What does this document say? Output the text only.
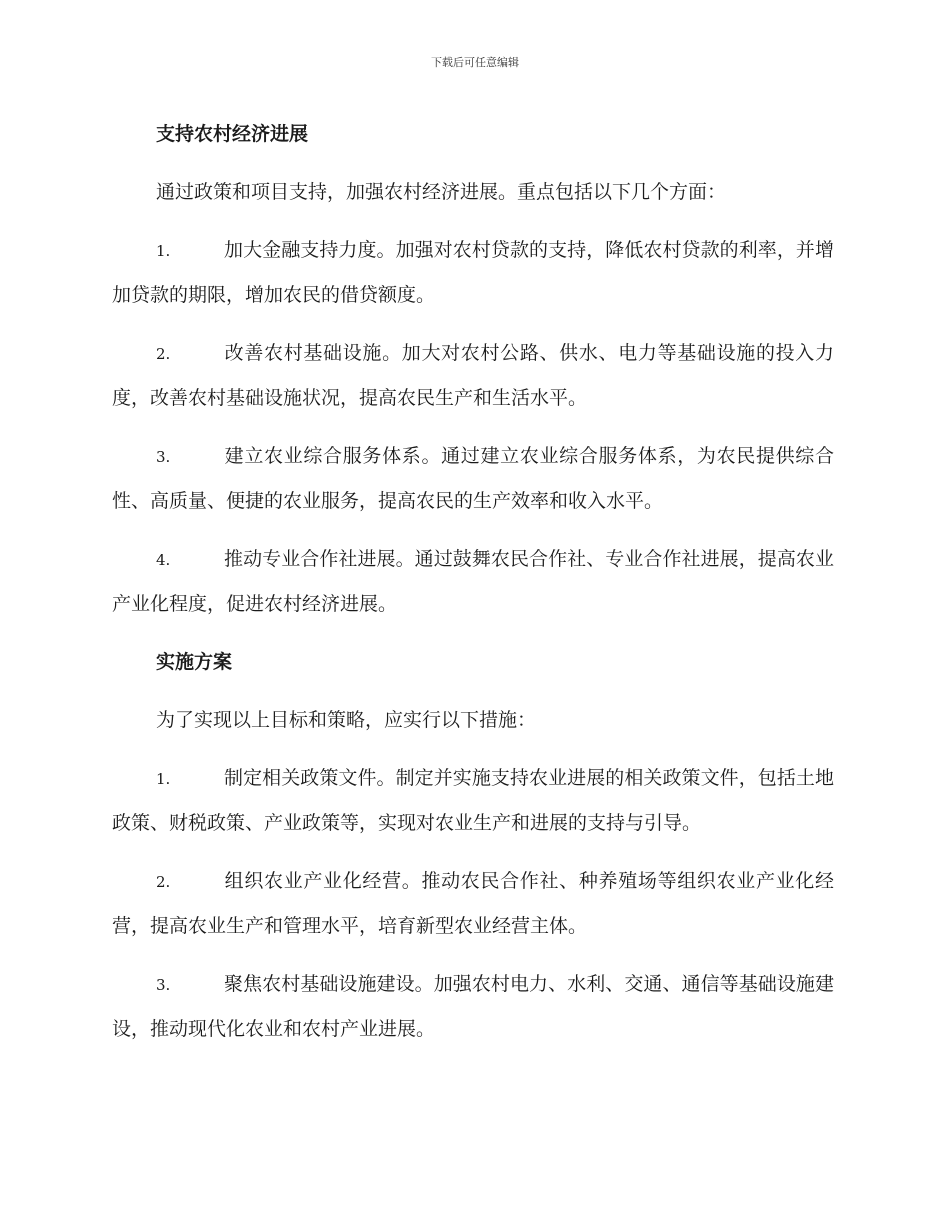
下载后可任意编辑
支持农村经济进展
通过政策和项目支持，加强农村经济进展。重点包括以下几个方面：
1.	加大金融支持力度。加强对农村贷款的支持，降低农村贷款的利率，并增加贷款的期限，增加农民的借贷额度。
2.	改善农村基础设施。加大对农村公路、供水、电力等基础设施的投入力度，改善农村基础设施状况，提高农民生产和生活水平。
3.	建立农业综合服务体系。通过建立农业综合服务体系，为农民提供综合性、高质量、便捷的农业服务，提高农民的生产效率和收入水平。
4.	推动专业合作社进展。通过鼓舞农民合作社、专业合作社进展，提高农业产业化程度，促进农村经济进展。
实施方案
为了实现以上目标和策略，应实行以下措施：
1.	制定相关政策文件。制定并实施支持农业进展的相关政策文件，包括土地政策、财税政策、产业政策等，实现对农业生产和进展的支持与引导。
2.	组织农业产业化经营。推动农民合作社、种养殖场等组织农业产业化经营，提高农业生产和管理水平，培育新型农业经营主体。
3.	聚焦农村基础设施建设。加强农村电力、水利、交通、通信等基础设施建设，推动现代化农业和农村产业进展。
